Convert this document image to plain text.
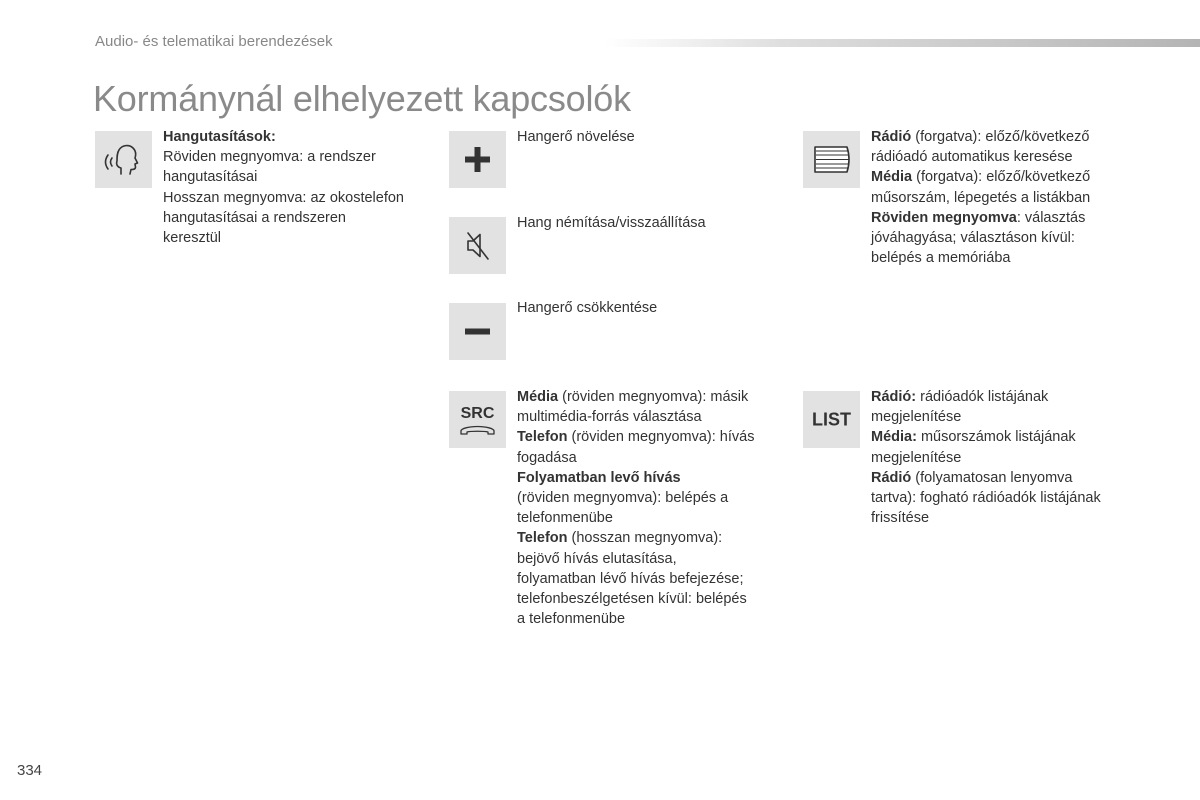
Audio- és telematikai berendezések
Kormánynál elhelyezett kapcsolók
Hangutasítások:
Röviden megnyomva: a rendszer
hangutasításai
Hosszan megnyomva: az okostelefon
hangutasításai a rendszeren
keresztül
Hangerő növelése
Hang némítása/visszaállítása
Hangerő csökkentése
SRC
Média (röviden megnyomva): másik
multimédia-forrás választása
Telefon (röviden megnyomva): hívás
fogadása
Folyamatban levő hívás
(röviden megnyomva): belépés a
telefonmenübe
Telefon (hosszan megnyomva):
bejövő hívás elutasítása,
folyamatban lévő hívás befejezése;
telefonbeszélgetésen kívül: belépés
a telefonmenübe
Rádió (forgatva): előző/következő
rádióadó automatikus keresése
Média (forgatva): előző/következő
műsorszám, lépegetés a listákban
Röviden megnyomva: választás
jóváhagyása; választáson kívül:
belépés a memóriába
LIST
Rádió: rádióadók listájának
megjelenítése
Média: műsorszámok listájának
megjelenítése
Rádió (folyamatosan lenyomva
tartva): fogható rádióadók listájának
frissítése
334
